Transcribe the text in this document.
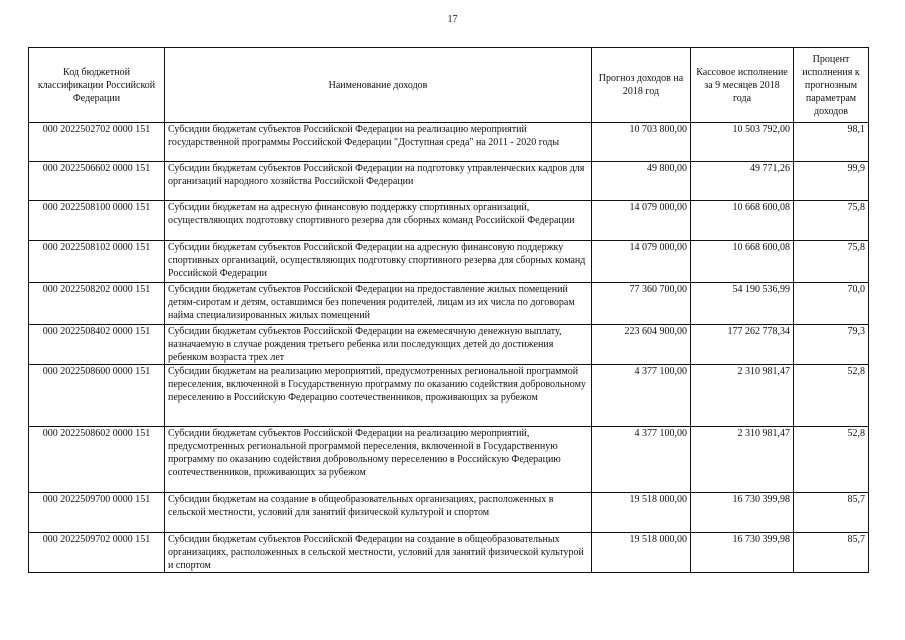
17
Код бюджетной классификации Российской Федерации	Наименование доходов	Прогноз доходов на 2018 год	Кассовое исполнение за 9 месяцев 2018 года	Процент исполнения к прогнозным параметрам доходов
000 2022502702 0000 151	Субсидии бюджетам субъектов Российской Федерации на реализацию мероприятий государственной программы Российской Федерации "Доступная среда" на 2011 - 2020 годы	10 703 800,00	10 503 792,00	98,1
000 2022506602 0000 151	Субсидии бюджетам субъектов Российской Федерации на подготовку управленческих кадров для организаций народного хозяйства Российской Федерации	49 800,00	49 771,26	99,9
000 2022508100 0000 151	Субсидии бюджетам на адресную финансовую поддержку спортивных организаций, осуществляющих подготовку спортивного резерва для сборных команд Российской Федерации	14 079 000,00	10 668 600,08	75,8
000 2022508102 0000 151	Субсидии бюджетам субъектов Российской Федерации на адресную финансовую поддержку спортивных организаций, осуществляющих подготовку спортивного резерва для сборных команд Российской Федерации	14 079 000,00	10 668 600,08	75,8
000 2022508202 0000 151	Субсидии бюджетам субъектов Российской Федерации на предоставление жилых помещений детям-сиротам и детям, оставшимся без попечения родителей, лицам из их числа по договорам найма специализированных жилых помещений	77 360 700,00	54 190 536,99	70,0
000 2022508402 0000 151	Субсидии бюджетам субъектов Российской Федерации на ежемесячную денежную выплату, назначаемую в случае рождения третьего ребенка или последующих детей до достижения ребенком возраста трех лет	223 604 900,00	177 262 778,34	79,3
000 2022508600 0000 151	Субсидии бюджетам на реализацию мероприятий, предусмотренных региональной программой переселения, включенной в Государственную программу по оказанию содействия добровольному переселению в Российскую Федерацию соотечественников, проживающих за рубежом	4 377 100,00	2 310 981,47	52,8
000 2022508602 0000 151	Субсидии бюджетам субъектов Российской Федерации на реализацию мероприятий, предусмотренных региональной программой переселения, включенной в Государственную программу по оказанию содействия добровольному переселению в Российскую Федерацию соотечественников, проживающих за рубежом	4 377 100,00	2 310 981,47	52,8
000 2022509700 0000 151	Субсидии бюджетам на создание в общеобразовательных организациях, расположенных в сельской местности, условий для занятий физической культурой и спортом	19 518 000,00	16 730 399,98	85,7
000 2022509702 0000 151	Субсидии бюджетам субъектов Российской Федерации на создание в общеобразовательных организациях, расположенных в сельской местности, условий для занятий физической культурой и спортом	19 518 000,00	16 730 399,98	85,7
